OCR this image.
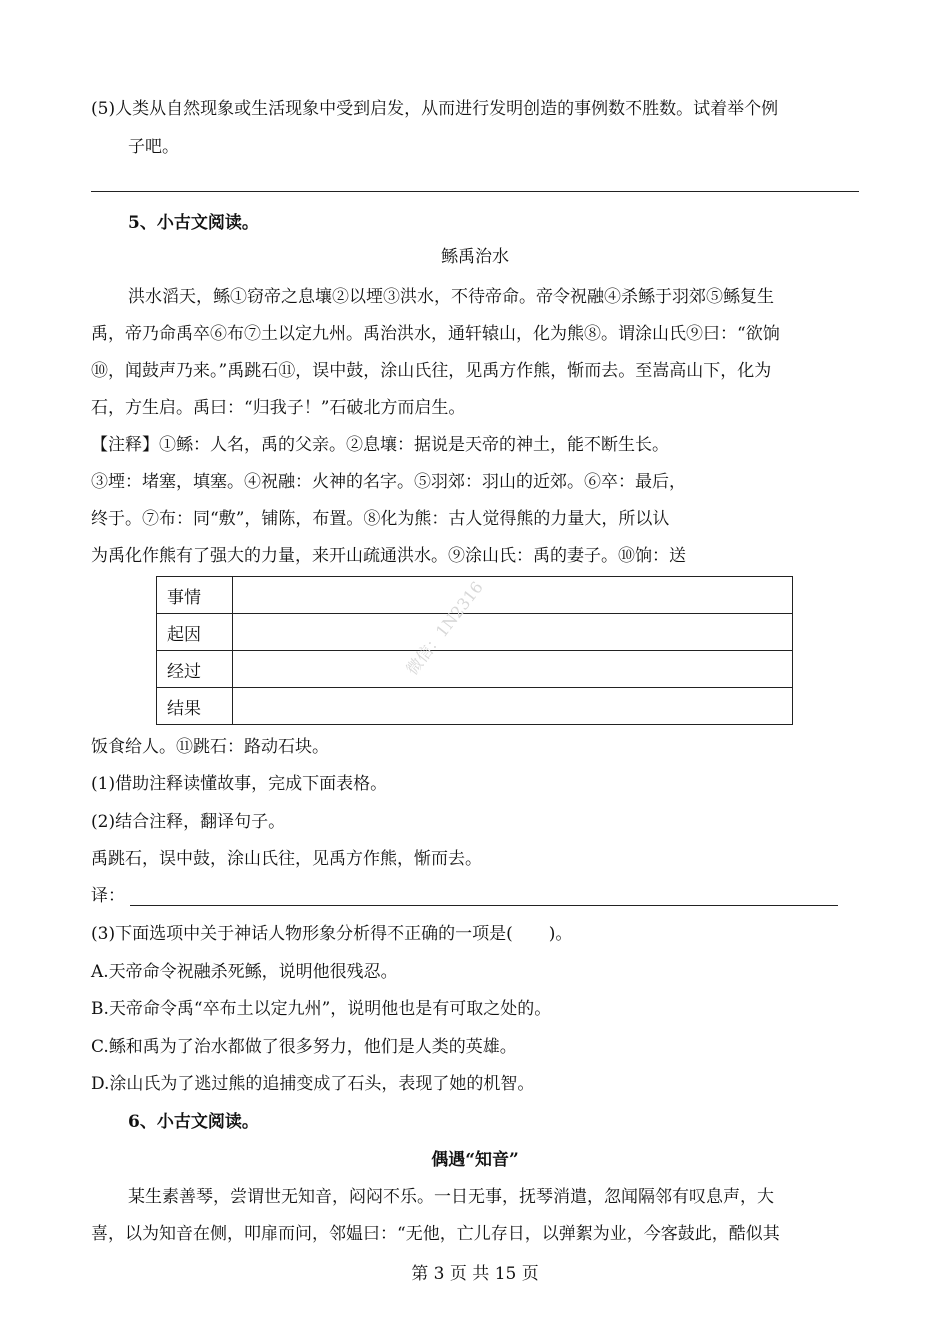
(5)人类从自然现象或生活现象中受到启发，从而进行发明创造的事例数不胜数。试着举个例
子吧。
5、小古文阅读。
鲧禹治水
洪水滔天，鲧①窃帝之息壤②以堙③洪水，不待帝命。帝令祝融④杀鲧于羽郊⑤鲧复生
禹，帝乃命禹卒⑥布⑦土以定九州。禹治洪水，通轩辕山，化为熊⑧。谓涂山氏⑨曰：“欲饷
⑩，闻鼓声乃来。”禹跳石⑪，误中鼓，涂山氏往，见禹方作熊，惭而去。至嵩高山下，化为
石，方生启。禹曰：“归我子！”石破北方而启生。
【注释】①鲧：人名，禹的父亲。②息壤：据说是天帝的神土，能不断生长。
③堙：堵塞，填塞。④祝融：火神的名字。⑤羽郊：羽山的近郊。⑥卒：最后，
终于。⑦布：同“敷”，铺陈，布置。⑧化为熊：古人觉得熊的力量大，所以认
为禹化作熊有了强大的力量，来开山疏通洪水。⑨涂山氏：禹的妻子。⑩饷：送
事情	
起因	
经过	
结果	
微信：1N2316
饭食给人。⑪跳石：路动石块。
(1)借助注释读懂故事，完成下面表格。
(2)结合注释，翻译句子。
禹跳石，误中鼓，涂山氏往，见禹方作熊，惭而去。
译：
(3)下面选项中关于神话人物形象分析得不正确的一项是( )。
A.天帝命令祝融杀死鲧，说明他很残忍。
B.天帝命令禹“卒布土以定九州”，说明他也是有可取之处的。
C.鲧和禹为了治水都做了很多努力，他们是人类的英雄。
D.涂山氏为了逃过熊的追捕变成了石头，表现了她的机智。
6、小古文阅读。
偶遇“知音”
某生素善琴，尝谓世无知音，闷闷不乐。一日无事，抚琴消遣，忽闻隔邻有叹息声，大
喜，以为知音在侧，叩扉而问，邻媪曰：“无他，亡儿存日，以弹絮为业，今客鼓此，酷似其
第 3 页 共 15 页
